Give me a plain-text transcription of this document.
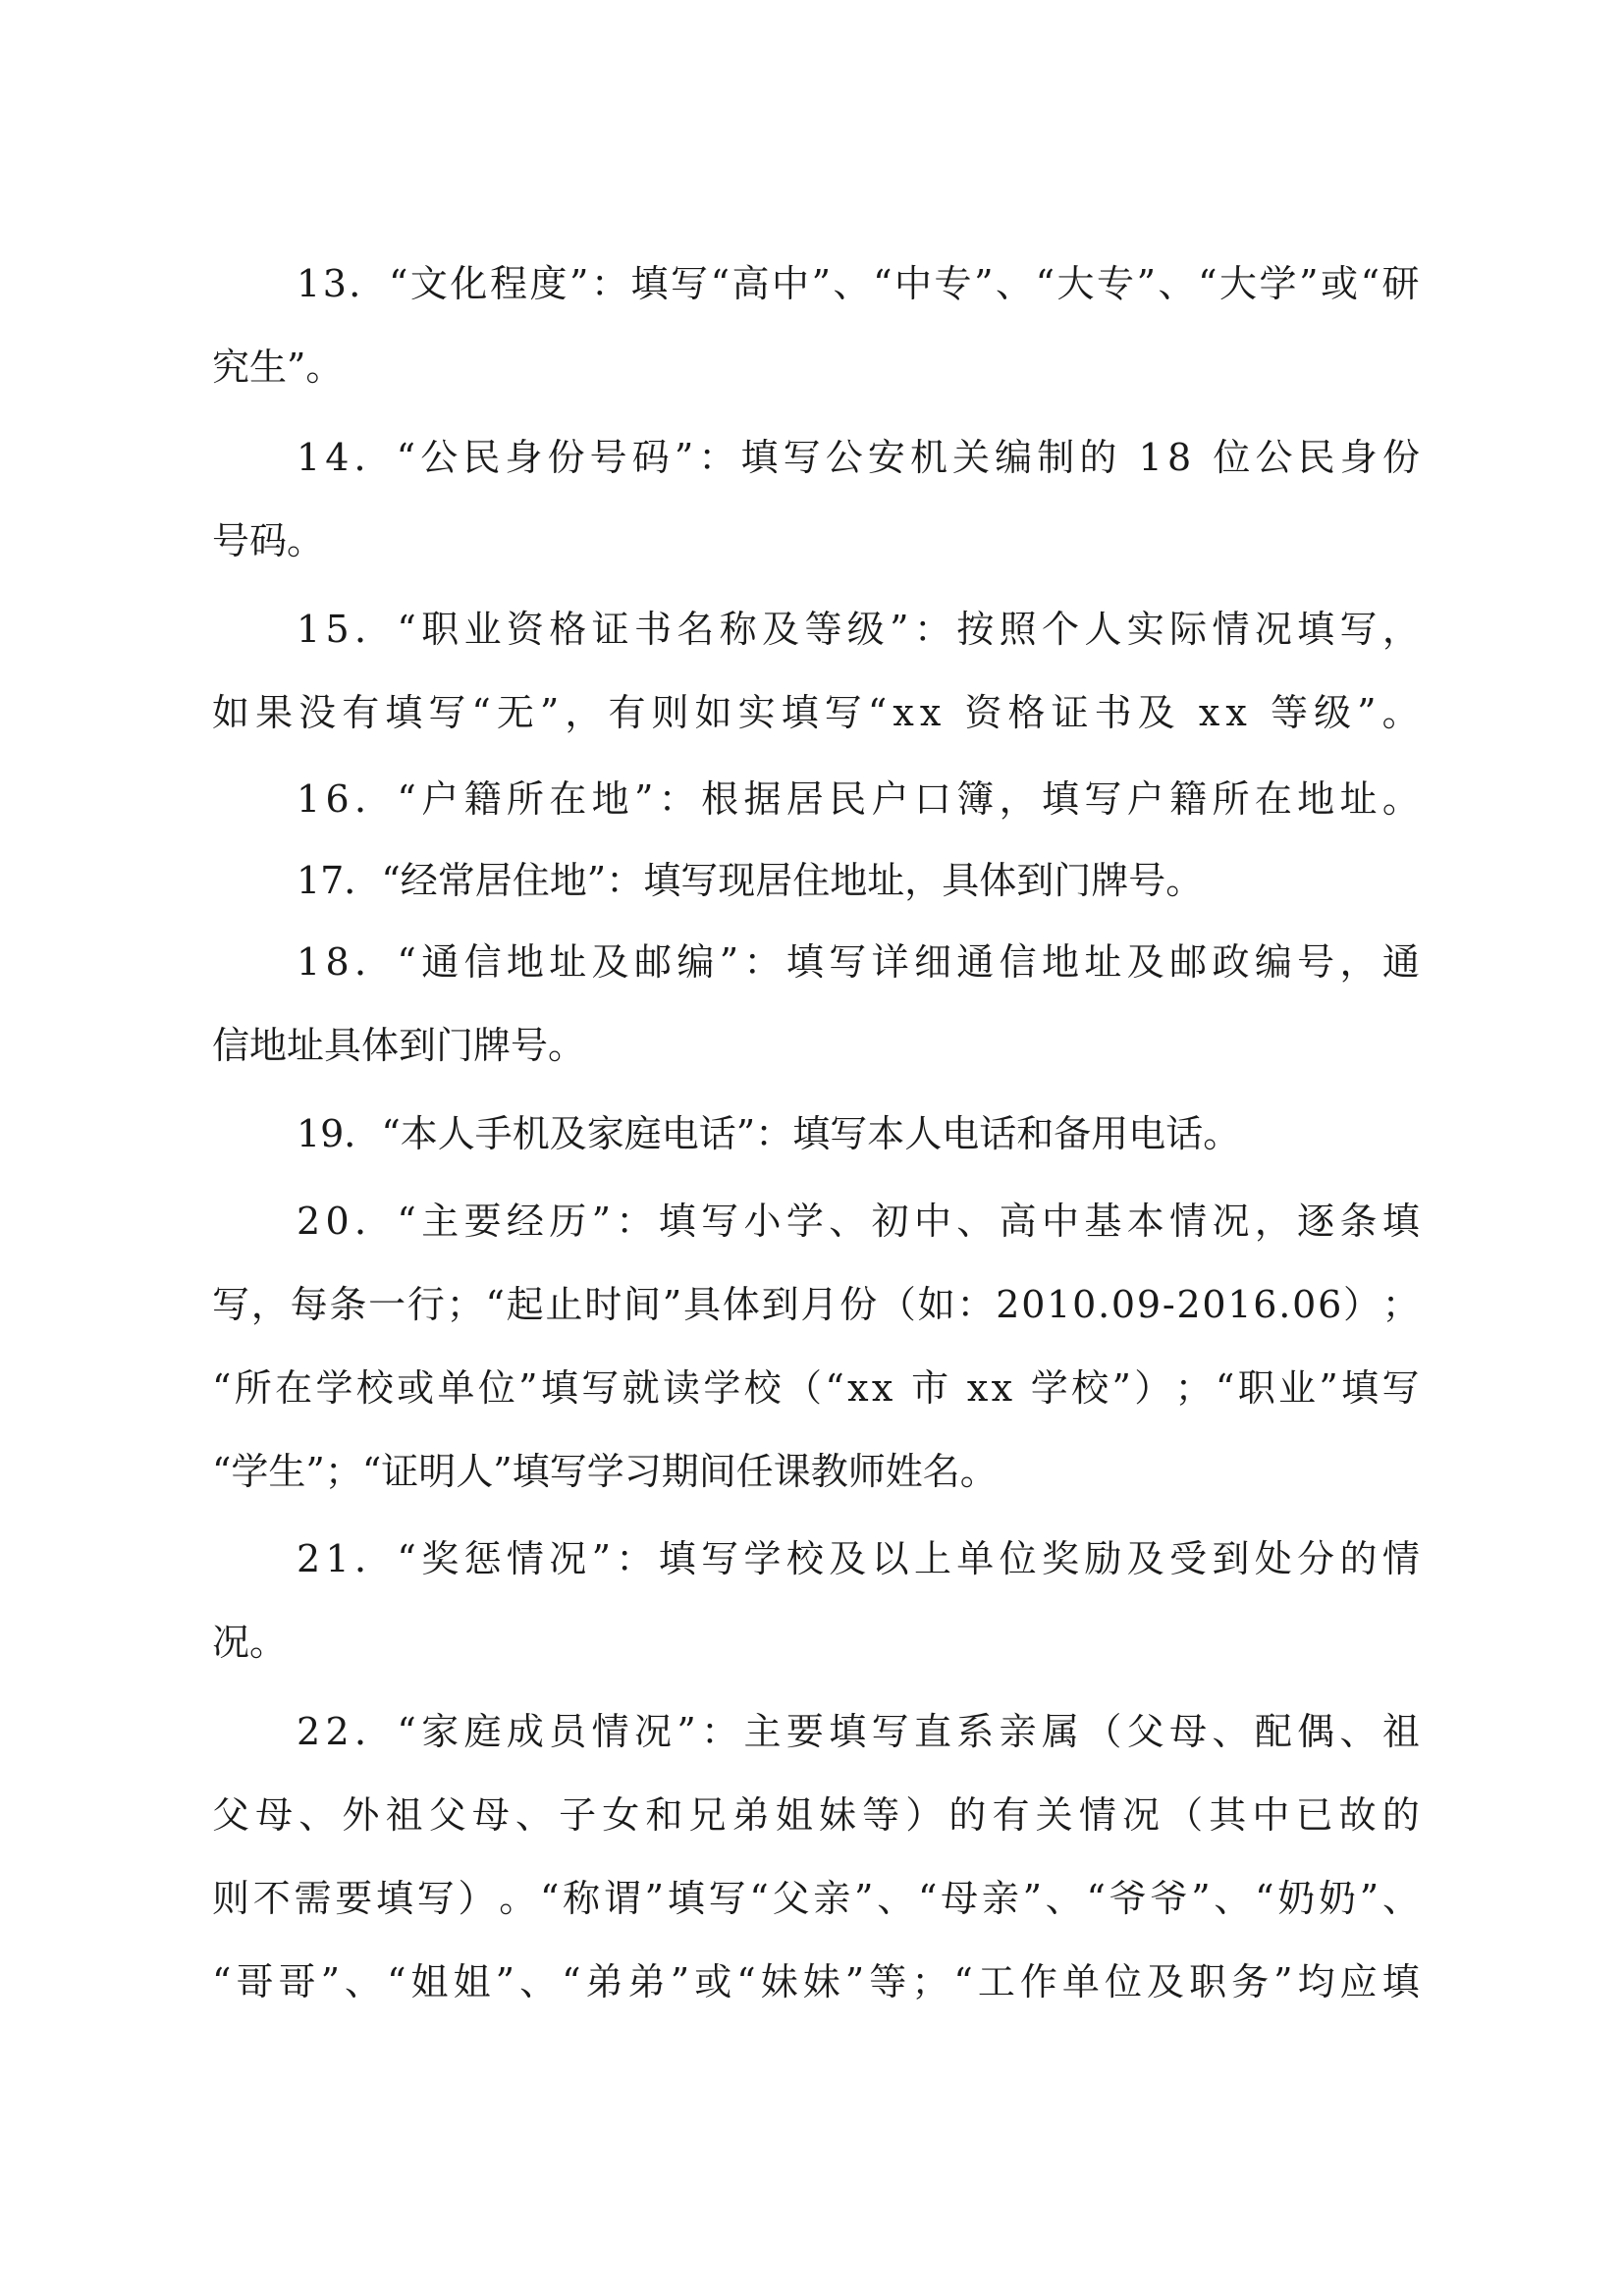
1 3 ． “ 文 化 程 度 ” ： 填 写 “ 高 中 ” 、 “ 中 专 ” 、 “ 大 专 ” 、 “ 大 学 ” 或 “ 研
究生”。
1 4 ． “ 公 民 身 份 号 码 ” ： 填 写 公 安 机 关 编 制 的
1 8
位 公 民 身 份
号码。
1 5 ． “ 职 业 资 格 证 书 名 称 及 等 级 ” ： 按 照 个 人 实 际 情 况 填 写 ，
如 果 没 有 填 写 “ 无 ” ， 有 则 如 实 填 写 “ x x
资 格 证 书 及
x x
等 级 ” 。
1 6 ． “ 户 籍 所 在 地 ” ： 根 据 居 民 户 口 簿 ， 填 写 户 籍 所 在 地 址 。
17．“经常居住地”：填写现居住地址，具体到门牌号。
1 8 ． “ 通 信 地 址 及 邮 编 ” ： 填 写 详 细 通 信 地 址 及 邮 政 编 号 ， 通
信地址具体到门牌号。
19．“本人手机及家庭电话”：填写本人电话和备用电话。
2 0 ． “ 主 要 经 历 ” ： 填 写 小 学 、 初 中 、 高 中 基 本 情 况 ， 逐 条 填
写 ， 每 条 一 行 ； “ 起 止 时 间 ” 具 体 到 月 份 （ 如 ： 2 0 1 0 . 0 9 - 2 0 1 6 . 0 6 ） ；
“ 所 在 学 校 或 单 位 ” 填 写 就 读 学 校 （ “ x x
市
x x
学 校 ” ） ； “ 职 业 ” 填 写
“学生”；“证明人”填写学习期间任课教师姓名。
2 1 ． “ 奖 惩 情 况 ” ： 填 写 学 校 及 以 上 单 位 奖 励 及 受 到 处 分 的 情
况。
2 2 ． “ 家 庭 成 员 情 况 ” ： 主 要 填 写 直 系 亲 属 （ 父 母 、 配 偶 、 祖
父 母 、 外 祖 父 母 、 子 女 和 兄 弟 姐 妹 等 ） 的 有 关 情 况 （ 其 中 已 故 的
则 不 需 要 填 写 ） 。 “ 称 谓 ” 填 写 “ 父 亲 ” 、 “ 母 亲 ” 、 “ 爷 爷 ” 、 “ 奶 奶 ” 、
“ 哥 哥 ” 、 “ 姐 姐 ” 、 “ 弟 弟 ” 或 “ 妹 妹 ” 等 ； “ 工 作 单 位 及 职 务 ” 均 应 填
